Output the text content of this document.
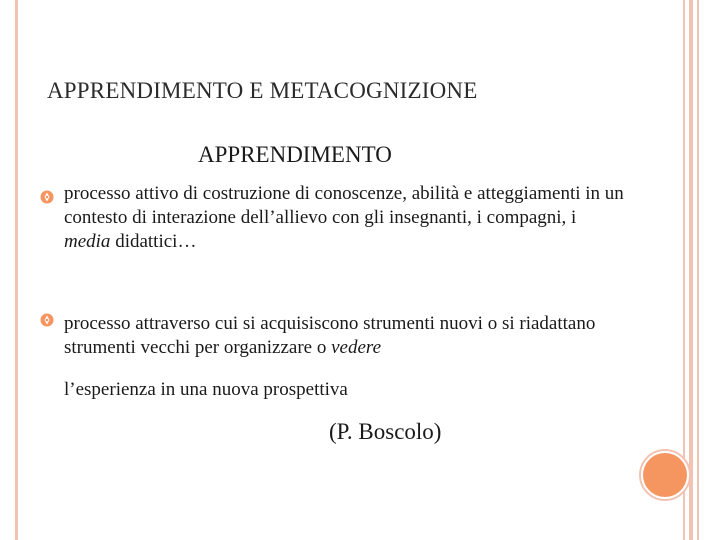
APPRENDIMENTO E METACOGNIZIONE
APPRENDIMENTO
processo attivo di costruzione di conoscenze, abilità e atteggiamenti in un contesto di interazione dell’allievo con gli insegnanti, i compagni, i media didattici…
processo attraverso cui si acquisiscono strumenti nuovi o si riadattano strumenti vecchi per organizzare o vedere
l’esperienza in una nuova prospettiva
(P. Boscolo)
